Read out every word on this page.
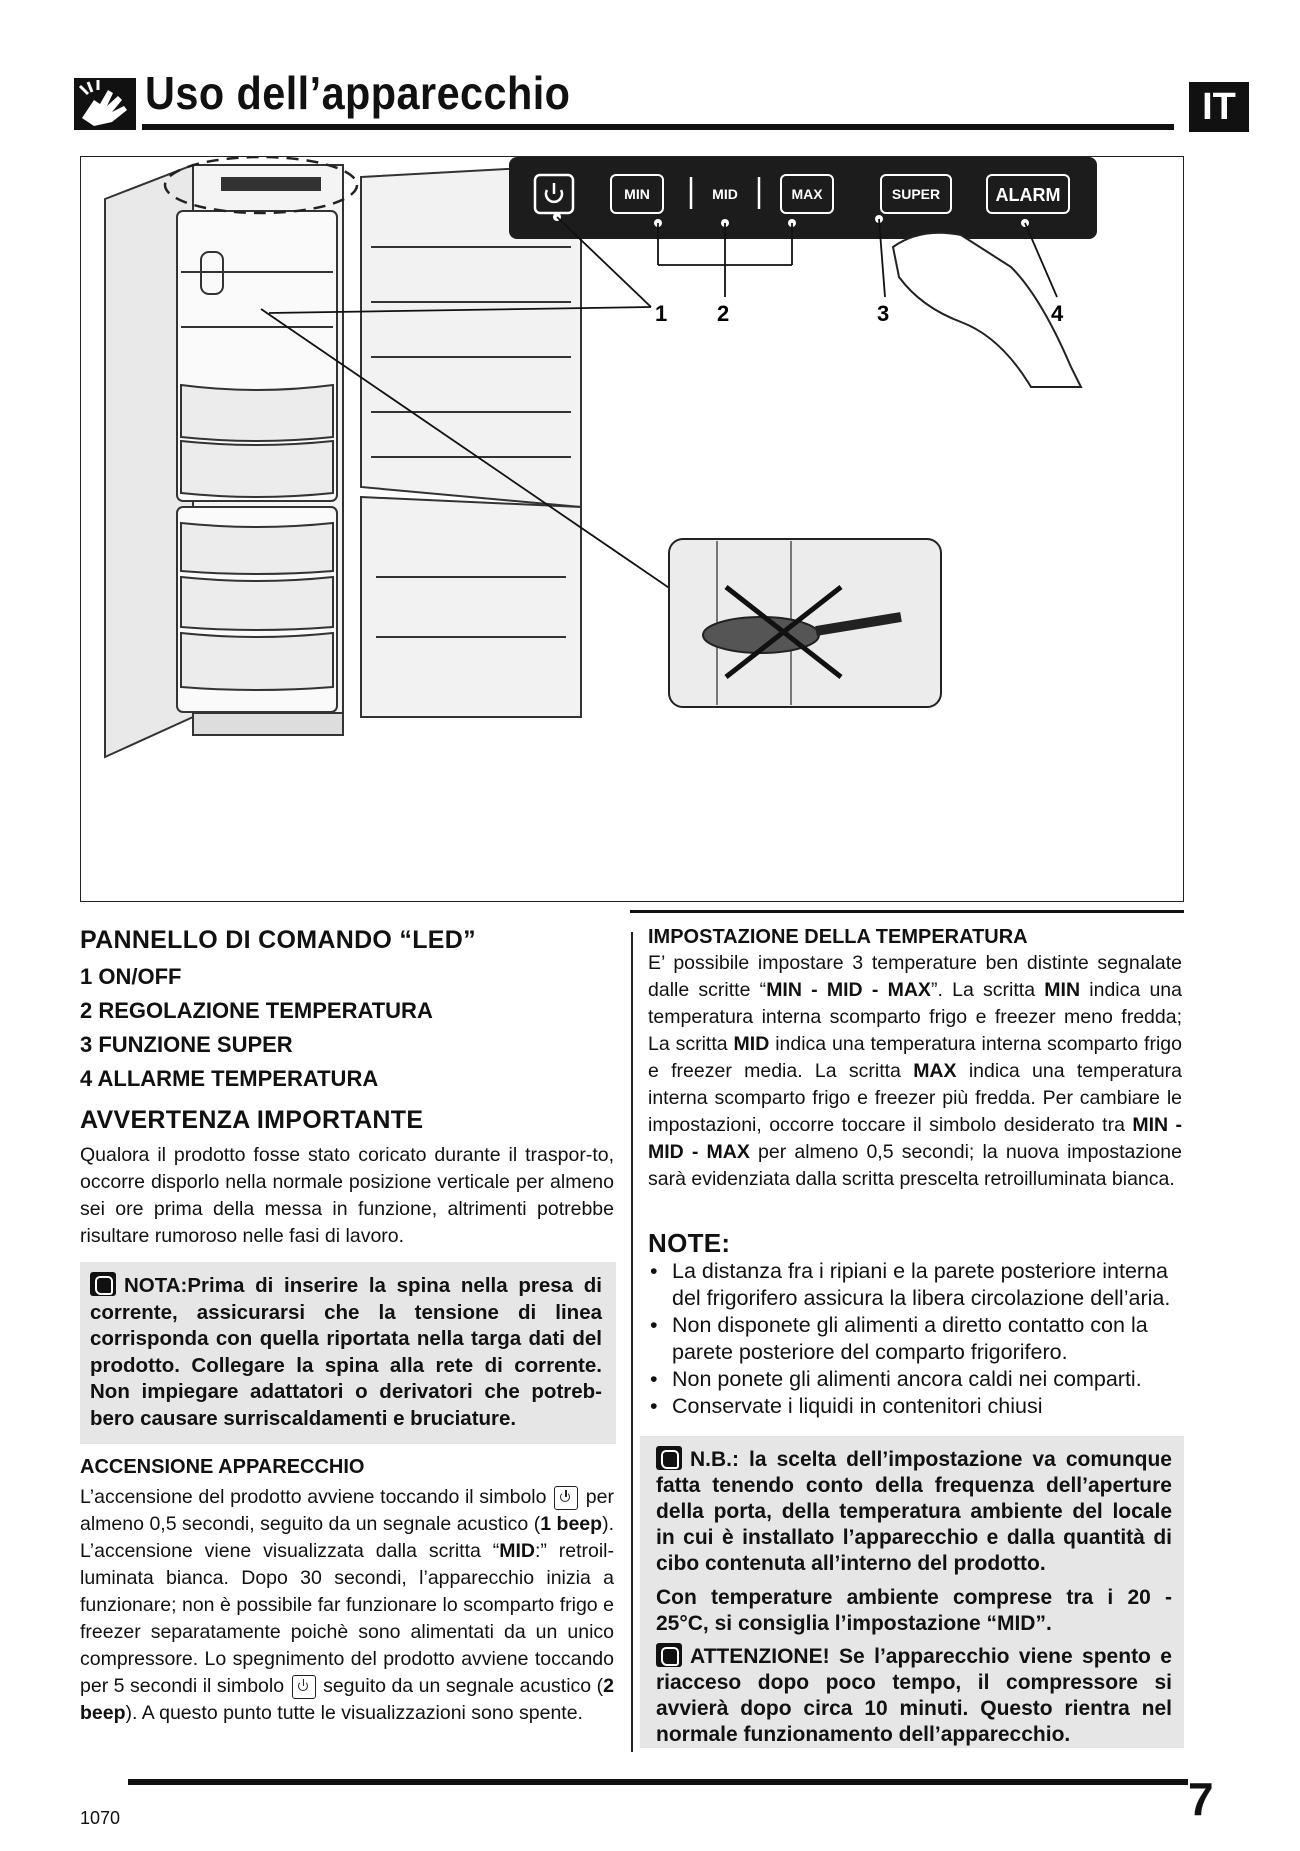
Uso dell’apparecchio	IT
MIN	MID	MAX	SUPER	ALARM
1 2	3	4
PANNELLO DI COMANDO “LED”
1 ON/OFF
2 REGOLAZIONE TEMPERATURA
3 FUNZIONE SUPER
4 ALLARME TEMPERATURA
AVVERTENZA IMPORTANTE
Qualora il prodotto fosse stato coricato durante il traspor-to, occorre disporlo nella normale posizione verticale per almeno sei ore prima della messa in funzione, altrimenti potrebbe risultare rumoroso nelle fasi di lavoro.
NOTA:Prima di inserire la spina nella presa di corrente, assicurarsi che la tensione di linea corrisponda con quella riportata nella targa dati del prodotto. Collegare la spina alla rete di corrente. Non impiegare adattatori o derivatori che potreb-bero causare surriscaldamenti e bruciature.
ACCENSIONE APPARECCHIO
L’accensione del prodotto avviene toccando il simbolo per almeno 0,5 secondi, seguito da un segnale acustico (1 beep). L’accensione viene visualizzata dalla scritta “MID:” retroil-luminata bianca. Dopo 30 secondi, l’apparecchio inizia a funzionare; non è possibile far funzionare lo scomparto frigo e freezer separatamente poichè sono alimentati da un unico compressore. Lo spegnimento del prodotto avviene toccando per 5 secondi il simbolo seguito da un segnale acustico (2 beep). A questo punto tutte le visualizzazioni sono spente.
IMPOSTAZIONE DELLA TEMPERATURA
E’ possibile impostare 3 temperature ben distinte segnalate dalle scritte “MIN - MID - MAX”. La scritta MIN indica una temperatura interna scomparto frigo e freezer meno fredda; La scritta MID indica una temperatura interna scomparto frigo e freezer media. La scritta MAX indica una temperatura interna scomparto frigo e freezer più fredda. Per cambiare le impostazioni, occorre toccare il simbolo desiderato tra MIN - MID - MAX per almeno 0,5 secondi; la nuova impostazione sarà evidenziata dalla scritta prescelta retroilluminata bianca.
NOTE:
• La distanza fra i ripiani e la parete posteriore interna del frigorifero assicura la libera circolazione dell’aria.
• Non disponete gli alimenti a diretto contatto con la parete posteriore del comparto frigorifero.
• Non ponete gli alimenti ancora caldi nei comparti.
• Conservate i liquidi in contenitori chiusi
N.B.: la scelta dell’impostazione va comunque fatta tenendo conto della frequenza dell’aperture della porta, della temperatura ambiente del locale in cui è installato l’apparecchio e dalla quantità di cibo contenuta all’interno del prodotto.
Con temperature ambiente comprese tra i 20 - 25°C, si consiglia l’impostazione “MID”.
ATTENZIONE! Se l’apparecchio viene spento e riacceso dopo poco tempo, il compressore si avvierà dopo circa 10 minuti. Questo rientra nel normale funzionamento dell’apparecchio.
1070	7
